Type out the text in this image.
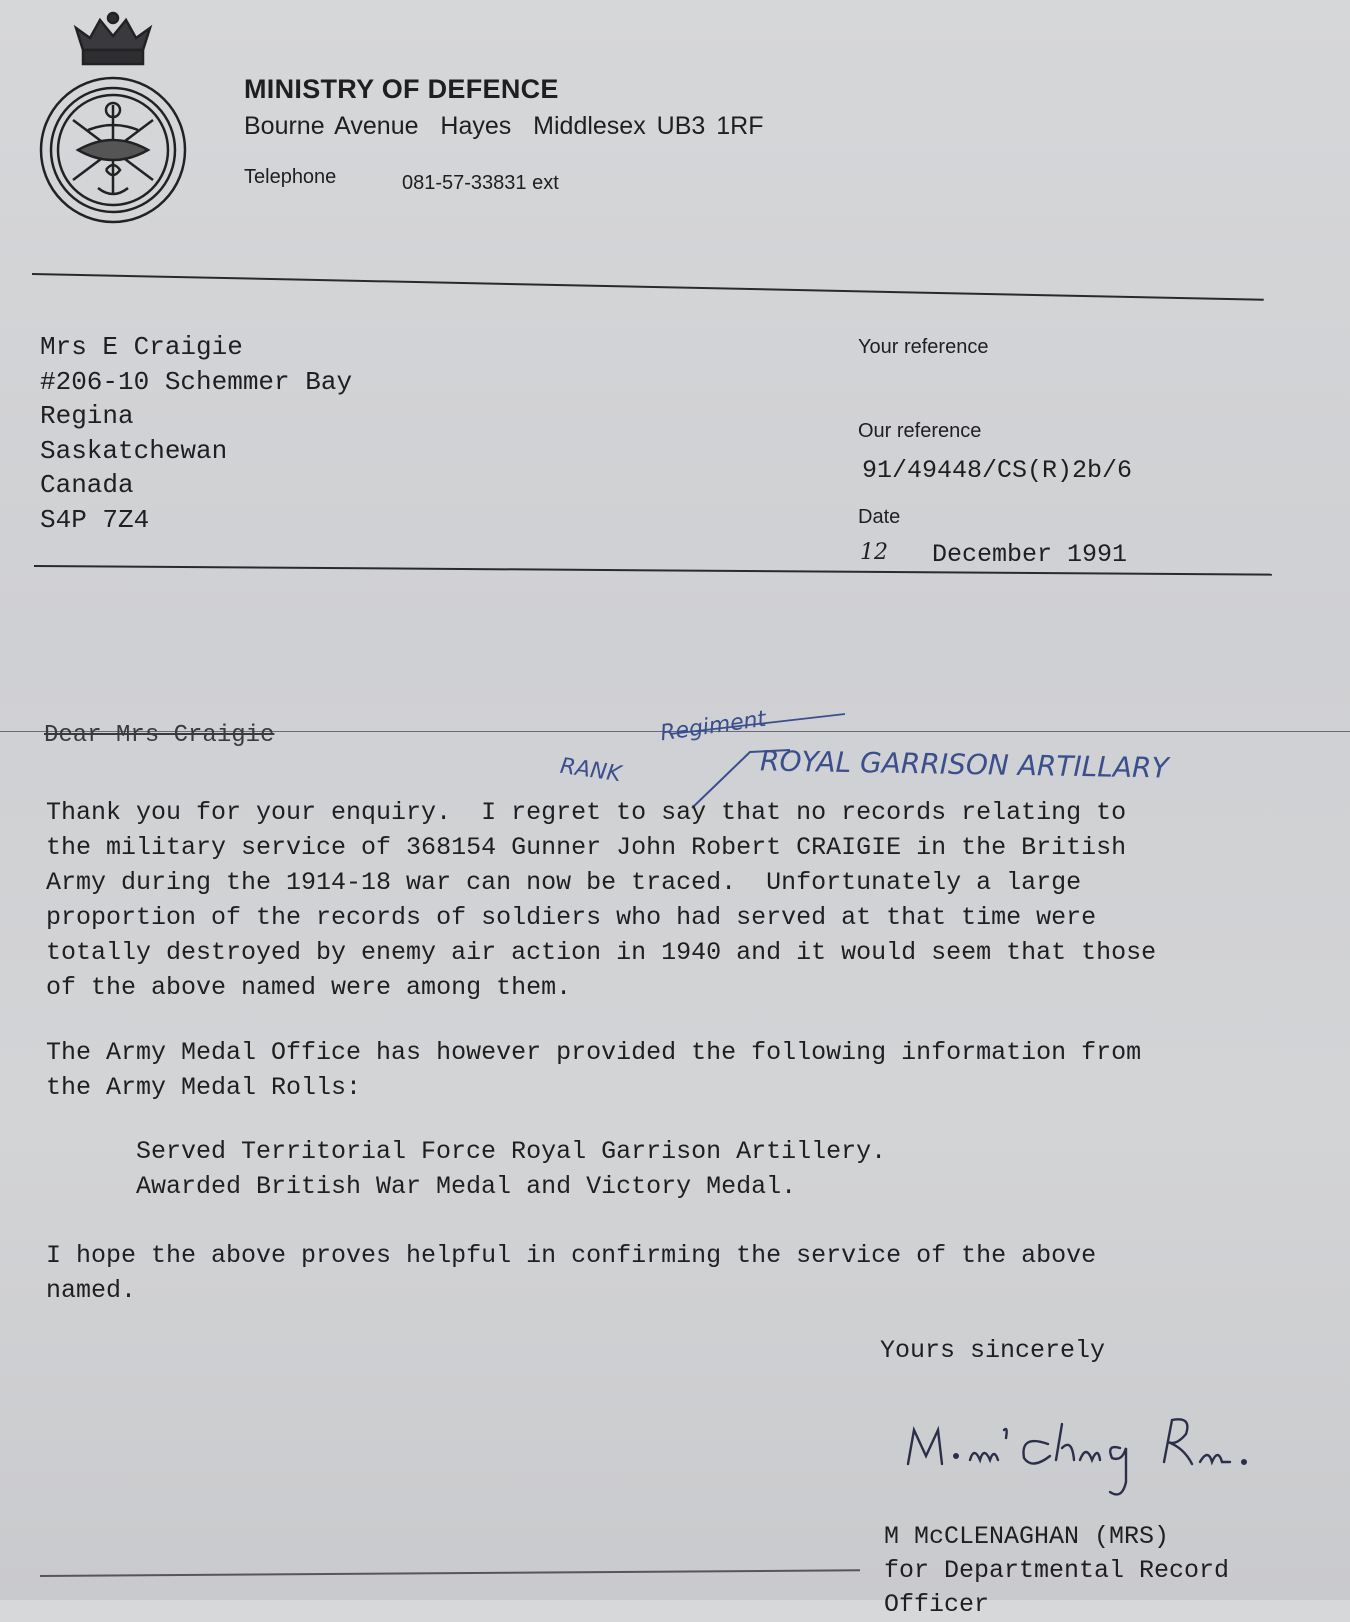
MINISTRY OF DEFENCE
Bourne Avenue  Hayes  Middlesex UB3 1RF
Telephone	081-57-33831 ext
Mrs E Craigie
#206-10 Schemmer Bay
Regina
Saskatchewan
Canada
S4P 7Z4
Your reference
Our reference
91/49448/CS(R)2b/6
Date
12 December 1991
Dear Mrs Craigie
RANK
Regiment
ROYAL GARRISON ARTILLARY
Thank you for your enquiry.  I regret to say that no records relating to
the military service of 368154 Gunner John Robert CRAIGIE in the British
Army during the 1914-18 war can now be traced.  Unfortunately a large
proportion of the records of soldiers who had served at that time were
totally destroyed by enemy air action in 1940 and it would seem that those
of the above named were among them.
The Army Medal Office has however provided the following information from
the Army Medal Rolls:
Served Territorial Force Royal Garrison Artillery.
Awarded British War Medal and Victory Medal.
I hope the above proves helpful in confirming the service of the above
named.
Yours sincerely
M McCLENAGHAN (MRS)
for Departmental Record
Officer
